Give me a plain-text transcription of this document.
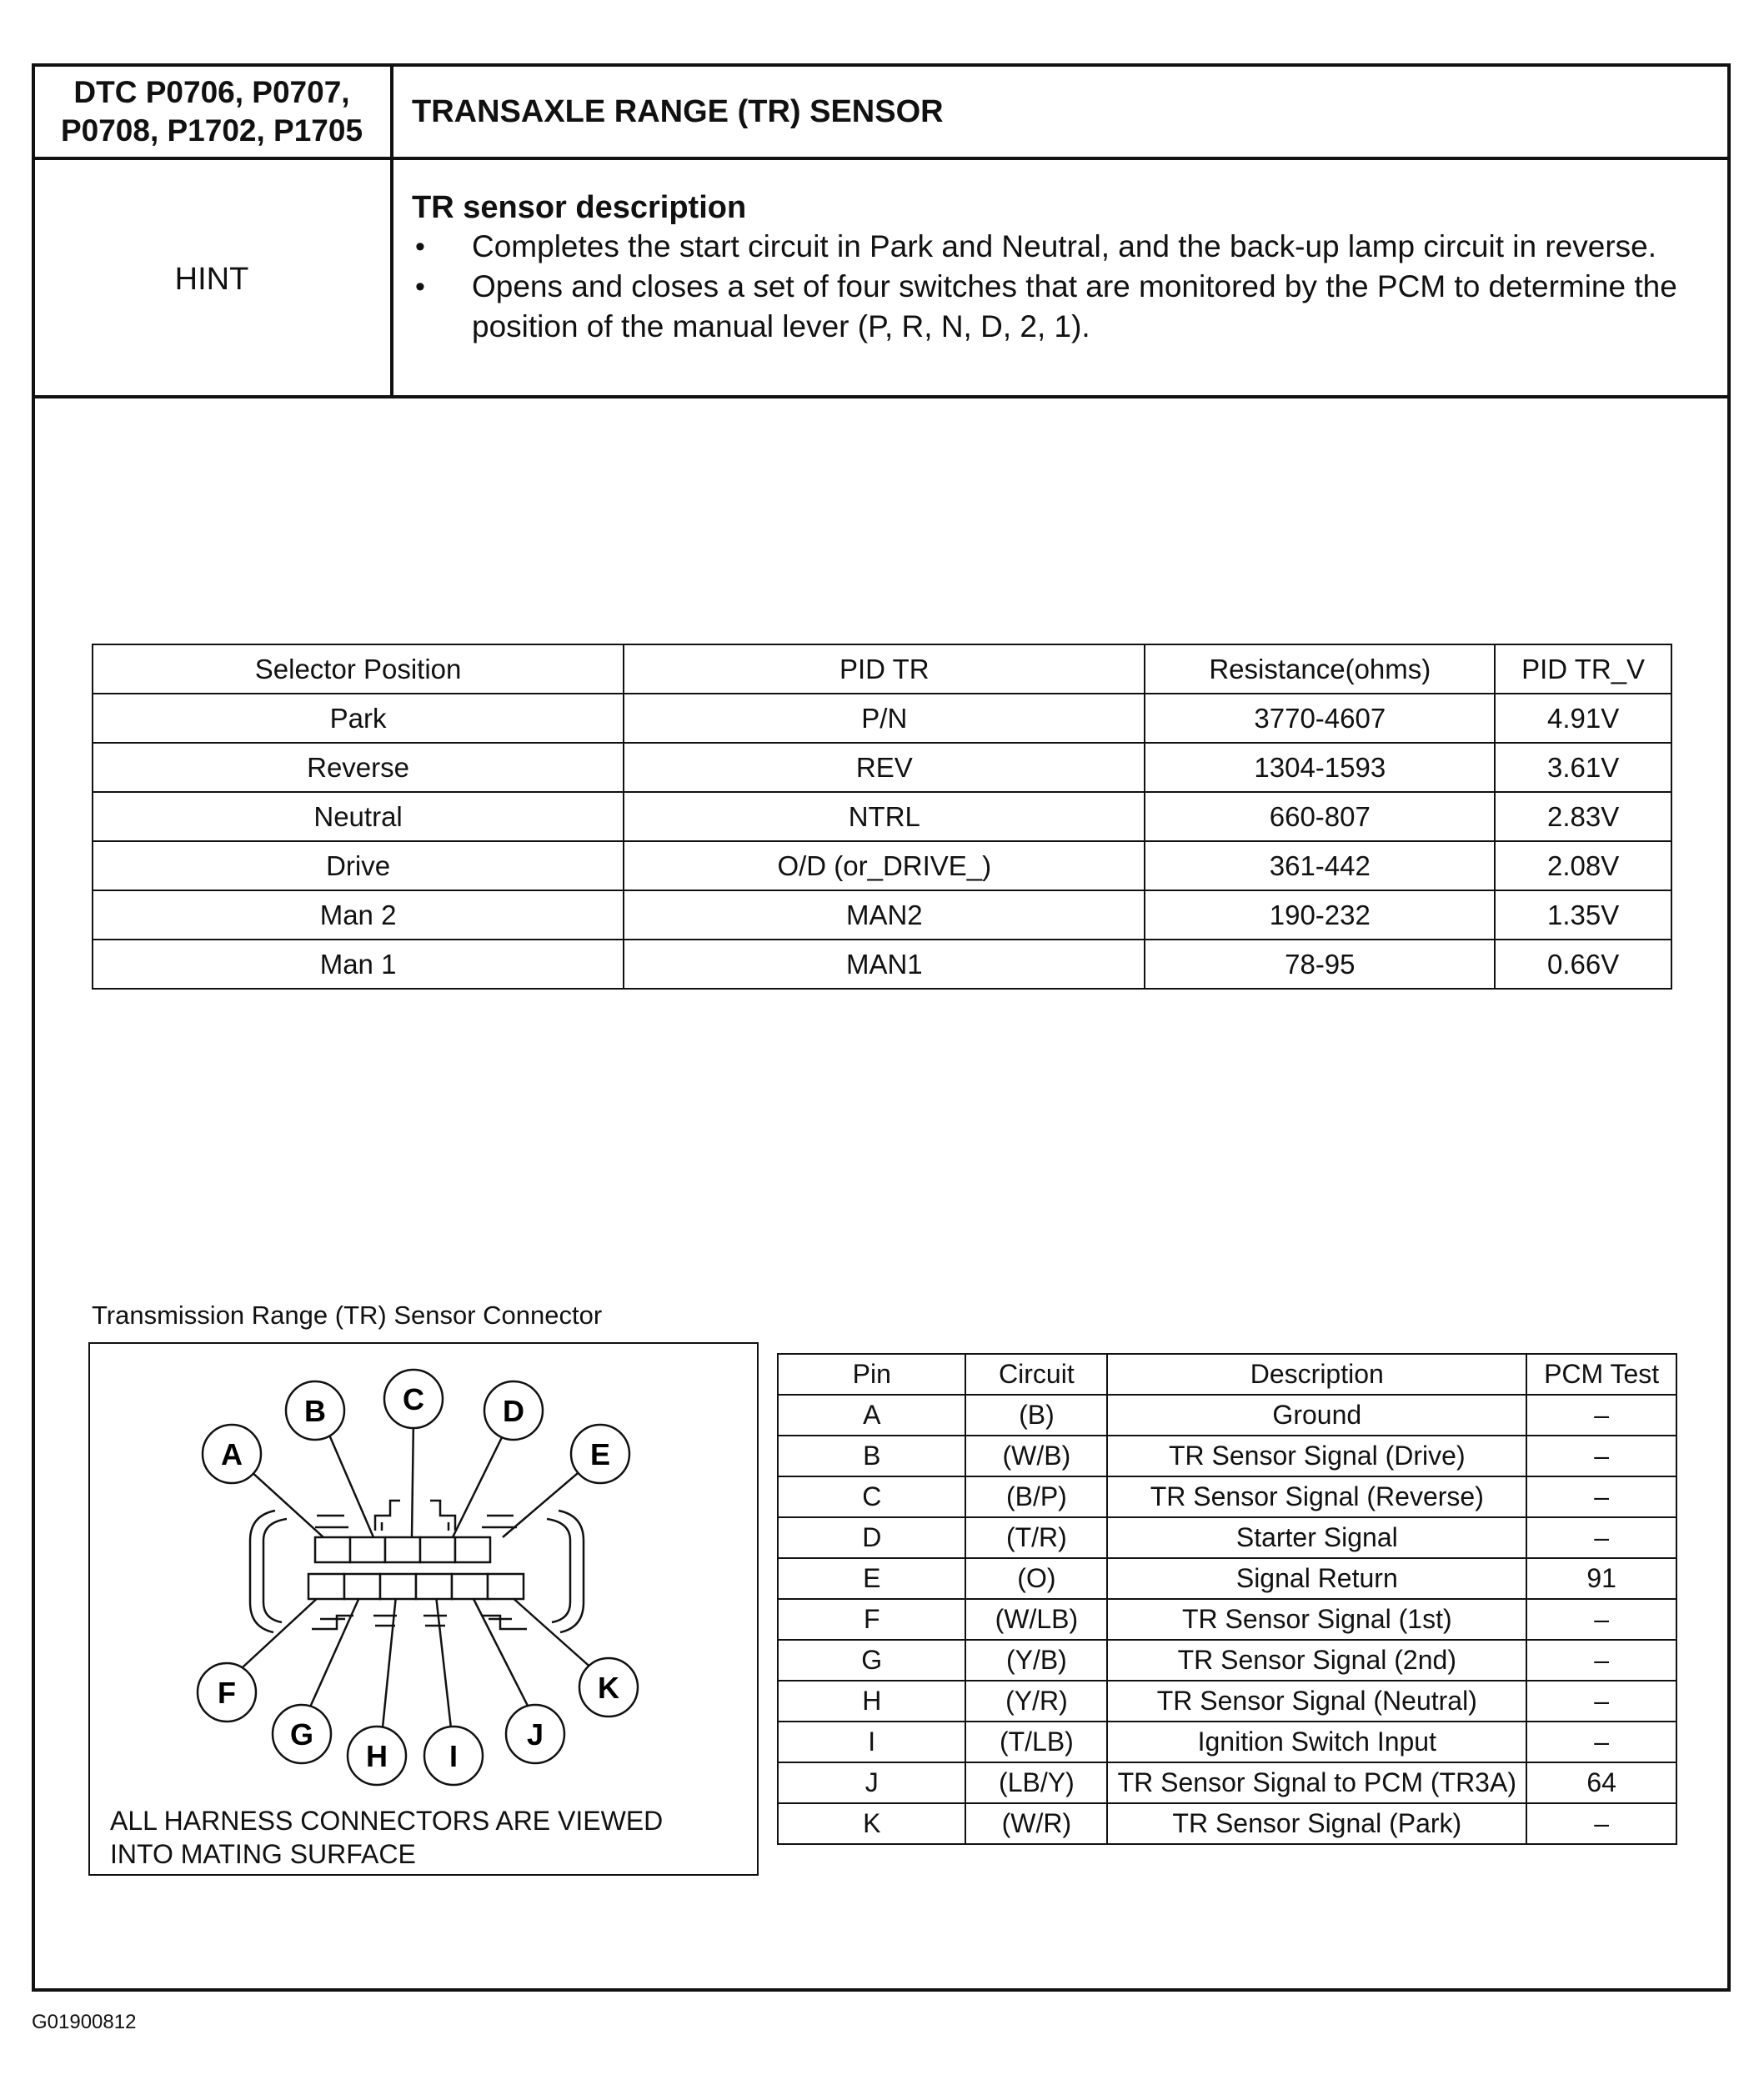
DTC P0706, P0707,
P0708, P1702, P1705
TRANSAXLE RANGE (TR) SENSOR
HINT
TR sensor description
• Completes the start circuit in Park and Neutral, and the back-up lamp circuit in reverse.
• Opens and closes a set of four switches that are monitored by the PCM to determine the position of the manual lever (P, R, N, D, 2, 1).
Selector Position	PID TR	Resistance(ohms)	PID TR_V
Park	P/N	3770-4607	4.91V
Reverse	REV	1304-1593	3.61V
Neutral	NTRL	660-807	2.83V
Drive	O/D (or_DRIVE_)	361-442	2.08V
Man 2	MAN2	190-232	1.35V
Man 1	MAN1	78-95	0.66V
Transmission Range (TR) Sensor Connector
A
B	C	D
E
F
G
H I
J
K
ALL HARNESS CONNECTORS ARE VIEWED
INTO MATING SURFACE
Pin	Circuit	Description	PCM Test
A	(B)	Ground	–
B	(W/B)	TR Sensor Signal (Drive)	–
C	(B/P)	TR Sensor Signal (Reverse)	–
D	(T/R)	Starter Signal	–
E	(O)	Signal Return	91
F	(W/LB)	TR Sensor Signal (1st)	–
G	(Y/B)	TR Sensor Signal (2nd)	–
H	(Y/R)	TR Sensor Signal (Neutral)	–
I	(T/LB)	Ignition Switch Input	–
J	(LB/Y)	TR Sensor Signal to PCM (TR3A)	64
K	(W/R)	TR Sensor Signal (Park)	–
G01900812
